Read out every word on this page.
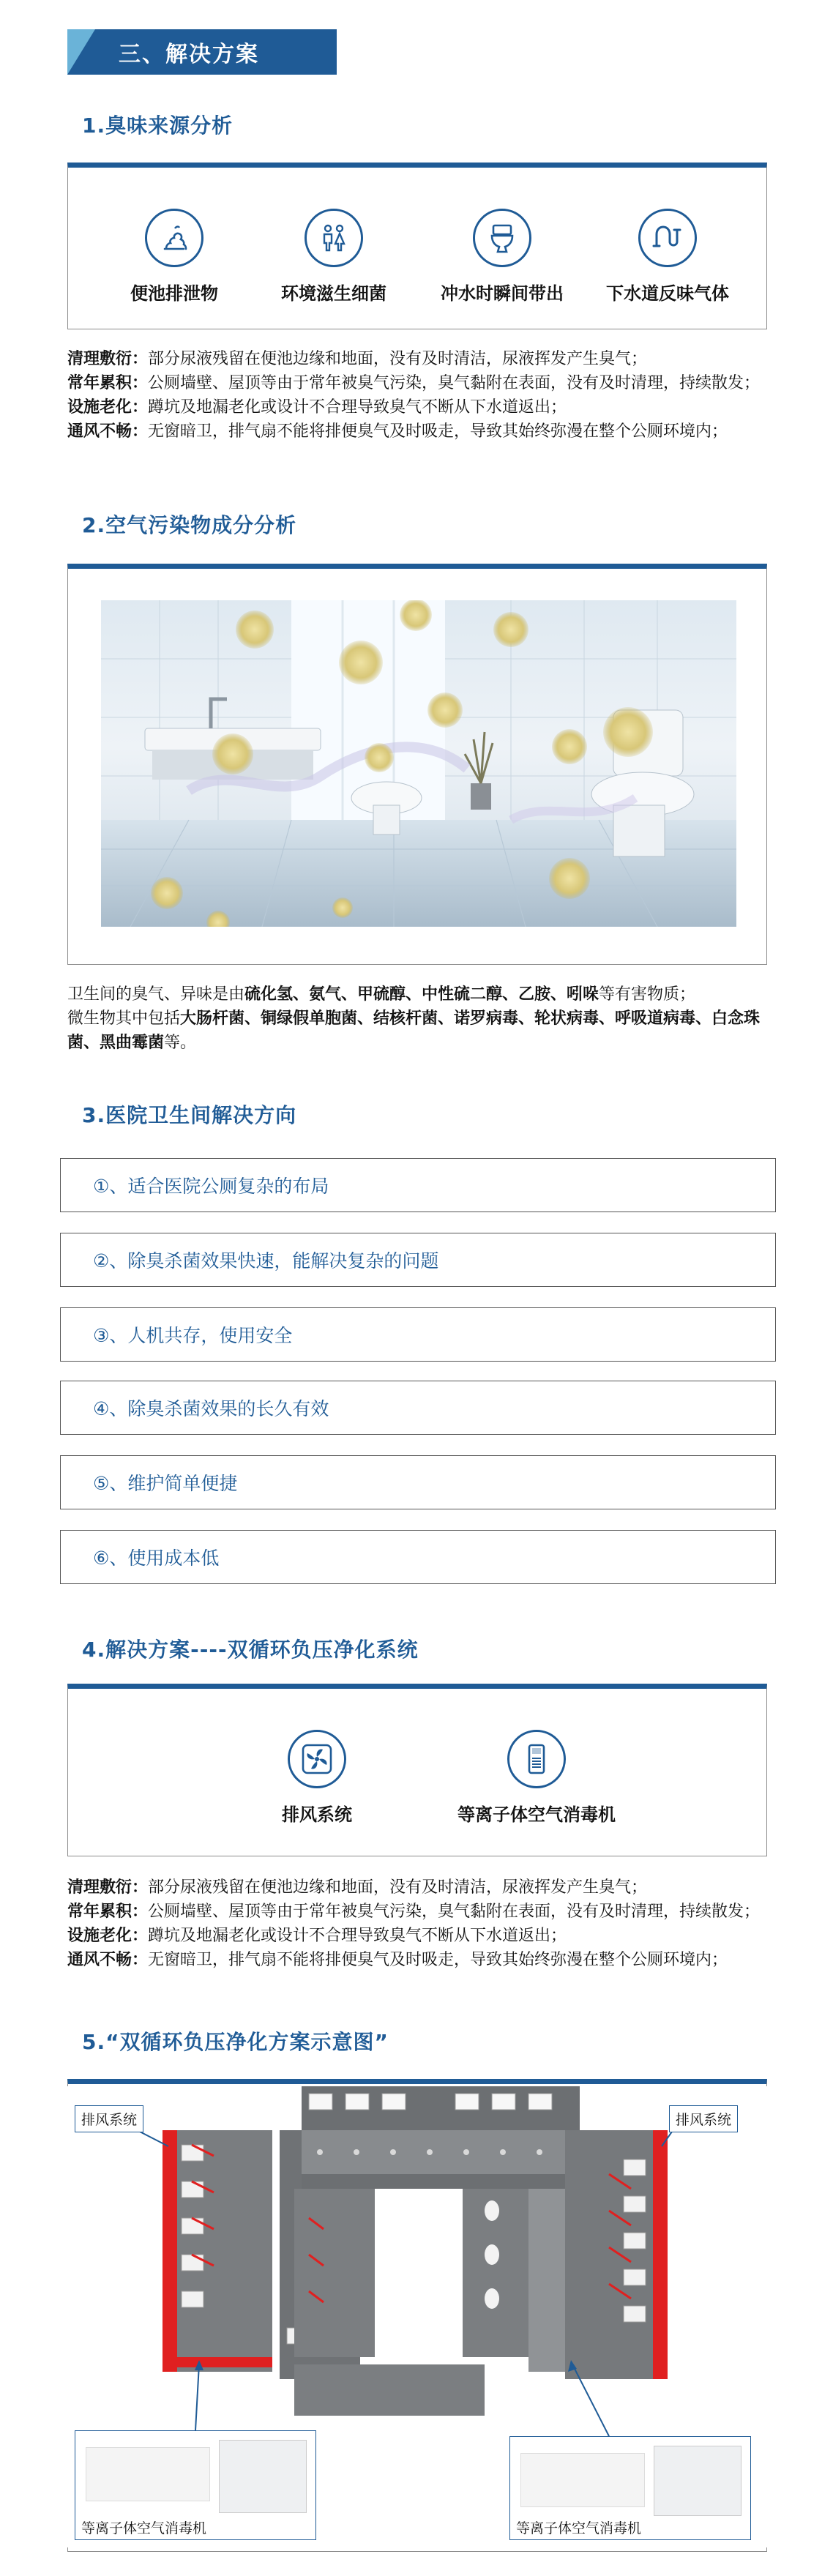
三、解决方案
1.臭味来源分析
便池排泄物	环境滋生细菌	冲水时瞬间带出 下水道反味气体
清理敷衍：部分尿液残留在便池边缘和地面，没有及时清洁，尿液挥发产生臭气；
常年累积：公厕墙壁、屋顶等由于常年被臭气污染，臭气黏附在表面，没有及时清理，持续散发；
设施老化：蹲坑及地漏老化或设计不合理导致臭气不断从下水道返出；
通风不畅：无窗暗卫，排气扇不能将排便臭气及时吸走，导致其始终弥漫在整个公厕环境内；
2.空气污染物成分分析
卫生间的臭气、异味是由硫化氢、氨气、甲硫醇、中性硫二醇、乙胺、吲哚等有害物质；
微生物其中包括大肠杆菌、铜绿假单胞菌、结核杆菌、诺罗病毒、轮状病毒、呼吸道病毒、白念珠菌、黑曲霉菌等。
3.医院卫生间解决方向
①、适合医院公厕复杂的布局
②、除臭杀菌效果快速，能解决复杂的问题
③、人机共存，使用安全
④、除臭杀菌效果的长久有效
⑤、维护简单便捷
⑥、使用成本低
4.解决方案----双循环负压净化系统
排风系统	等离子体空气消毒机
清理敷衍：部分尿液残留在便池边缘和地面，没有及时清洁，尿液挥发产生臭气；
常年累积：公厕墙壁、屋顶等由于常年被臭气污染，臭气黏附在表面，没有及时清理，持续散发；
设施老化：蹲坑及地漏老化或设计不合理导致臭气不断从下水道返出；
通风不畅：无窗暗卫，排气扇不能将排便臭气及时吸走，导致其始终弥漫在整个公厕环境内；
5.“双循环负压净化方案示意图”
排风系统	排风系统
等离子体空气消毒机	等离子体空气消毒机
